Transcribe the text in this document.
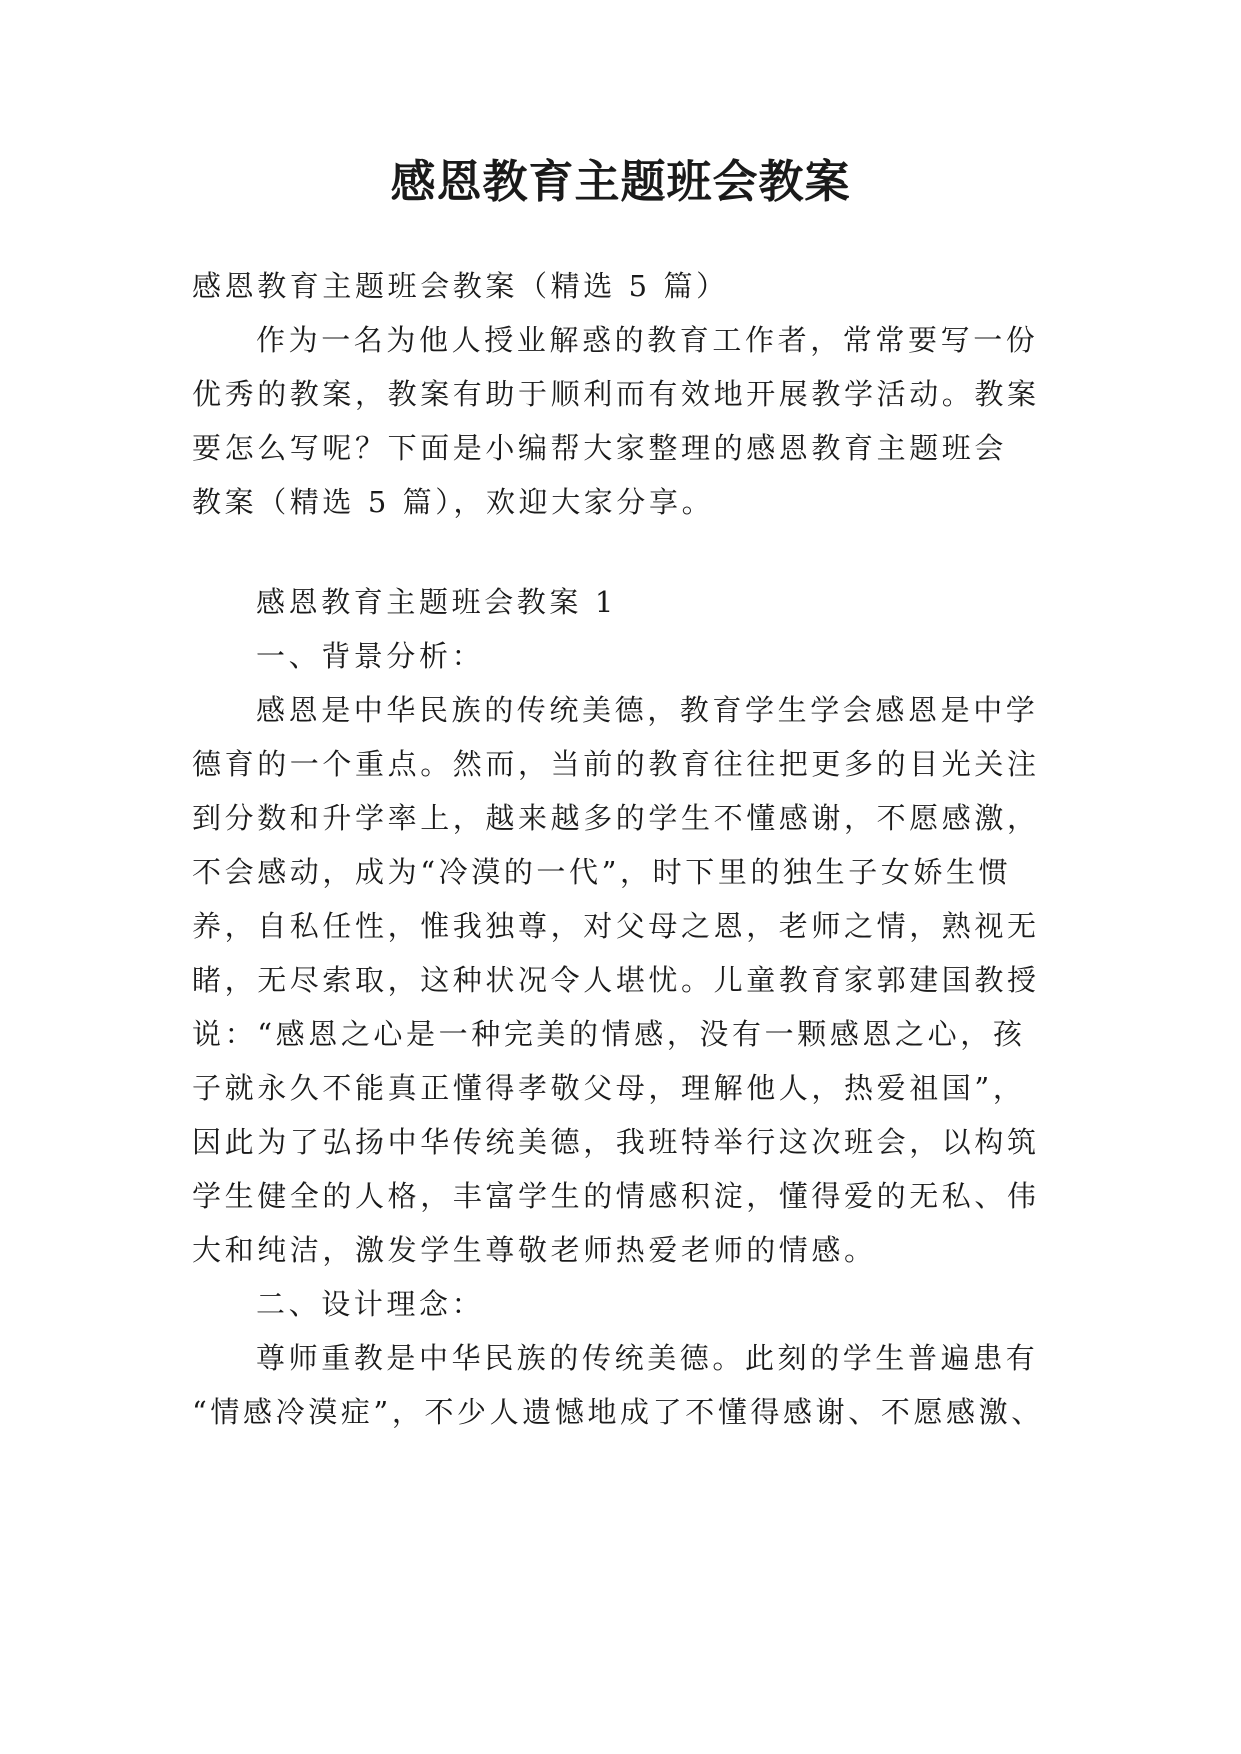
感恩教育主题班会教案
感恩教育主题班会教案（精选 5 篇）
作为一名为他人授业解惑的教育工作者，常常要写一份
优秀的教案，教案有助于顺利而有效地开展教学活动。教案
要怎么写呢？下面是小编帮大家整理的感恩教育主题班会
教案（精选 5 篇），欢迎大家分享。
感恩教育主题班会教案 1
一、背景分析：
感恩是中华民族的传统美德，教育学生学会感恩是中学
德育的一个重点。然而，当前的教育往往把更多的目光关注
到分数和升学率上，越来越多的学生不懂感谢，不愿感激，
不会感动，成为“冷漠的一代”，时下里的独生子女娇生惯
养，自私任性，惟我独尊，对父母之恩，老师之情，熟视无
睹，无尽索取，这种状况令人堪忧。儿童教育家郭建国教授
说：“感恩之心是一种完美的情感，没有一颗感恩之心，孩
子就永久不能真正懂得孝敬父母，理解他人，热爱祖国”，
因此为了弘扬中华传统美德，我班特举行这次班会，以构筑
学生健全的人格，丰富学生的情感积淀，懂得爱的无私、伟
大和纯洁，激发学生尊敬老师热爱老师的情感。
二、设计理念：
尊师重教是中华民族的传统美德。此刻的学生普遍患有
“情感冷漠症”，不少人遗憾地成了不懂得感谢、不愿感激、
